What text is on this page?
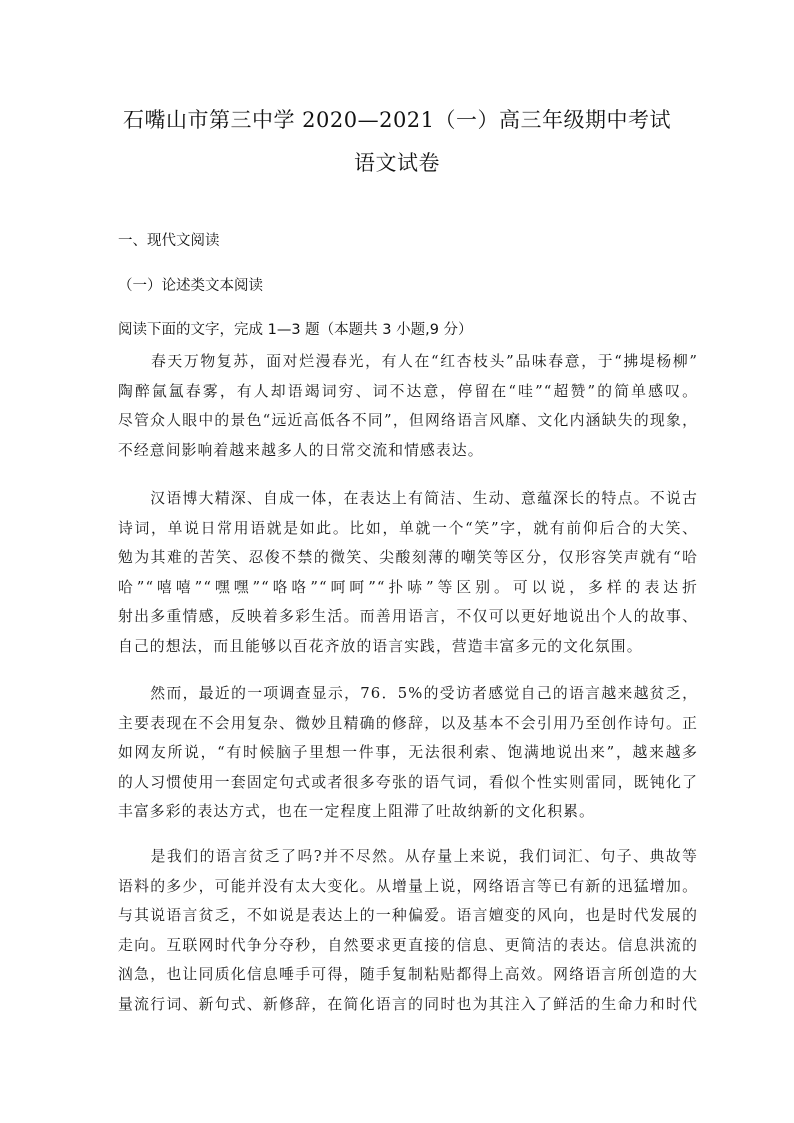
石嘴山市第三中学 2020—2021（一）高三年级期中考试
语文试卷
一、现代文阅读
（一）论述类文本阅读
阅读下面的文字，完成 1—3 题（本题共 3 小题,9 分）
　　春天万物复苏，面对烂漫春光，有人在“红杏枝头”品味春意，于“拂堤杨柳”
陶醉氤氲春雾，有人却语竭词穷、词不达意，停留在“哇”“超赞”的简单感叹。
尽管众人眼中的景色“远近高低各不同”，但网络语言风靡、文化内涵缺失的现象，
不经意间影响着越来越多人的日常交流和情感表达。
　　汉语博大精深、自成一体，在表达上有简洁、生动、意蕴深长的特点。不说古
诗词，单说日常用语就是如此。比如，单就一个“笑”字，就有前仰后合的大笑、
勉为其难的苦笑、忍俊不禁的微笑、尖酸刻薄的嘲笑等区分，仅形容笑声就有“哈
哈”“嘻嘻”“嘿嘿”“咯咯”“呵呵”“扑哧”等区别。可以说，多样的表达折
射出多重情感，反映着多彩生活。而善用语言，不仅可以更好地说出个人的故事、
自己的想法，而且能够以百花齐放的语言实践，营造丰富多元的文化氛围。
　　然而，最近的一项调查显示，76．5%的受访者感觉自己的语言越来越贫乏，
主要表现在不会用复杂、微妙且精确的修辞，以及基本不会引用乃至创作诗句。正
如网友所说，“有时候脑子里想一件事，无法很利索、饱满地说出来”，越来越多
的人习惯使用一套固定句式或者很多夸张的语气词，看似个性实则雷同，既钝化了
丰富多彩的表达方式，也在一定程度上阻滞了吐故纳新的文化积累。
　　是我们的语言贫乏了吗?并不尽然。从存量上来说，我们词汇、句子、典故等
语料的多少，可能并没有太大变化。从增量上说，网络语言等已有新的迅猛增加。
与其说语言贫乏，不如说是表达上的一种偏爱。语言嬗变的风向，也是时代发展的
走向。互联网时代争分夺秒，自然要求更直接的信息、更简洁的表达。信息洪流的
汹急，也让同质化信息唾手可得，随手复制粘贴都得上高效。网络语言所创造的大
量流行词、新句式、新修辞，在简化语言的同时也为其注入了鲜活的生命力和时代
